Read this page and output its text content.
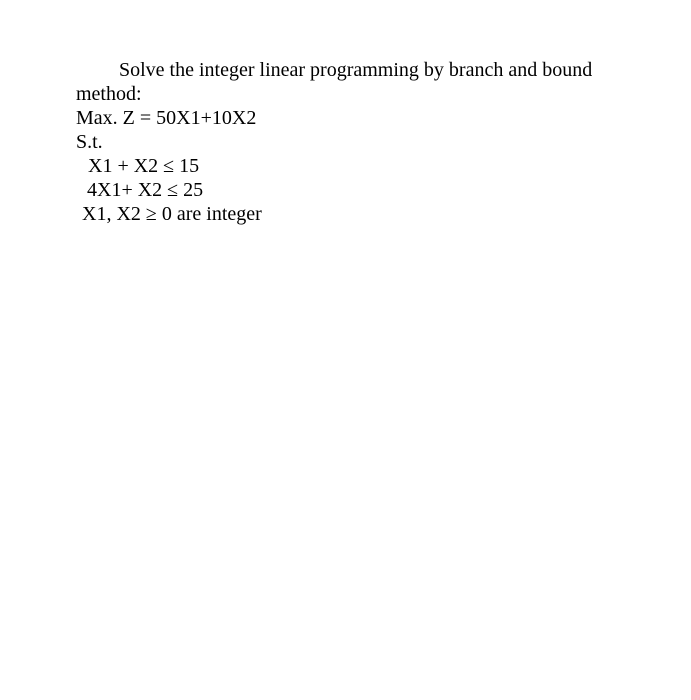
Solve the integer linear programming by branch and bound
method:
Max. Z = 50X1+10X2
S.t.
X1 + X2 ≤ 15
4X1+ X2 ≤ 25
X1, X2 ≥ 0 are integer
